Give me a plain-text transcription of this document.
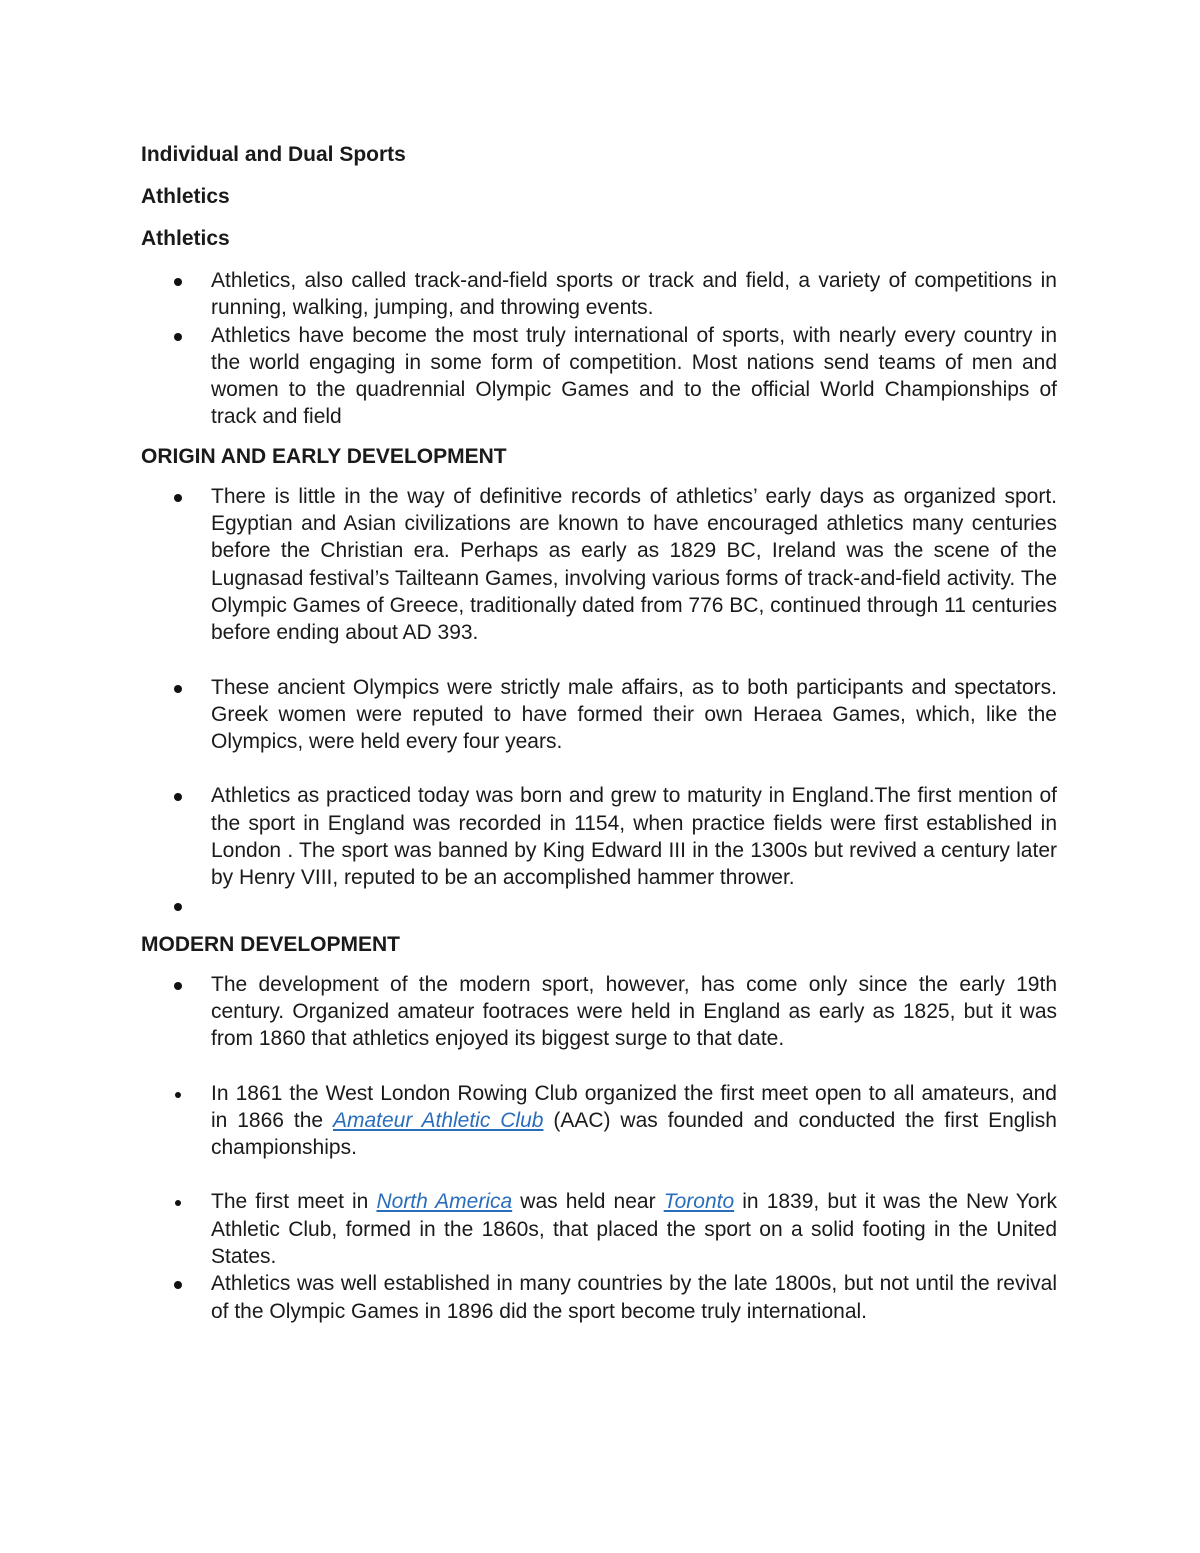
Individual and Dual Sports
Athletics
Athletics
Athletics, also called track-and-field sports or track and field, a variety of competitions in running, walking, jumping, and throwing events.
Athletics have become the most truly international of sports, with nearly every country in the world engaging in some form of competition. Most nations send teams of men and women to the quadrennial Olympic Games and to the official World Championships of track and field
ORIGIN AND EARLY DEVELOPMENT
There is little in the way of definitive records of athletics’ early days as organized sport. Egyptian and Asian civilizations are known to have encouraged athletics many centuries before the Christian era. Perhaps as early as 1829 BC, Ireland was the scene of the Lugnasad festival’s Tailteann Games, involving various forms of track-and-field activity. The Olympic Games of Greece, traditionally dated from 776 BC, continued through 11 centuries before ending about AD 393.
These ancient Olympics were strictly male affairs, as to both participants and spectators. Greek women were reputed to have formed their own Heraea Games, which, like the Olympics, were held every four years.
Athletics as practiced today was born and grew to maturity in England.The first mention of the sport in England was recorded in 1154, when practice fields were first established in London . The sport was banned by King Edward III in the 1300s but revived a century later by Henry VIII, reputed to be an accomplished hammer thrower.
MODERN DEVELOPMENT
The development of the modern sport, however, has come only since the early 19th century. Organized amateur footraces were held in England as early as 1825, but it was from 1860 that athletics enjoyed its biggest surge to that date.
In 1861 the West London Rowing Club organized the first meet open to all amateurs, and in 1866 the Amateur Athletic Club (AAC) was founded and conducted the first English championships.
The first meet in North America was held near Toronto in 1839, but it was the New York Athletic Club, formed in the 1860s, that placed the sport on a solid footing in the United States.
Athletics was well established in many countries by the late 1800s, but not until the revival of the Olympic Games in 1896 did the sport become truly international.
